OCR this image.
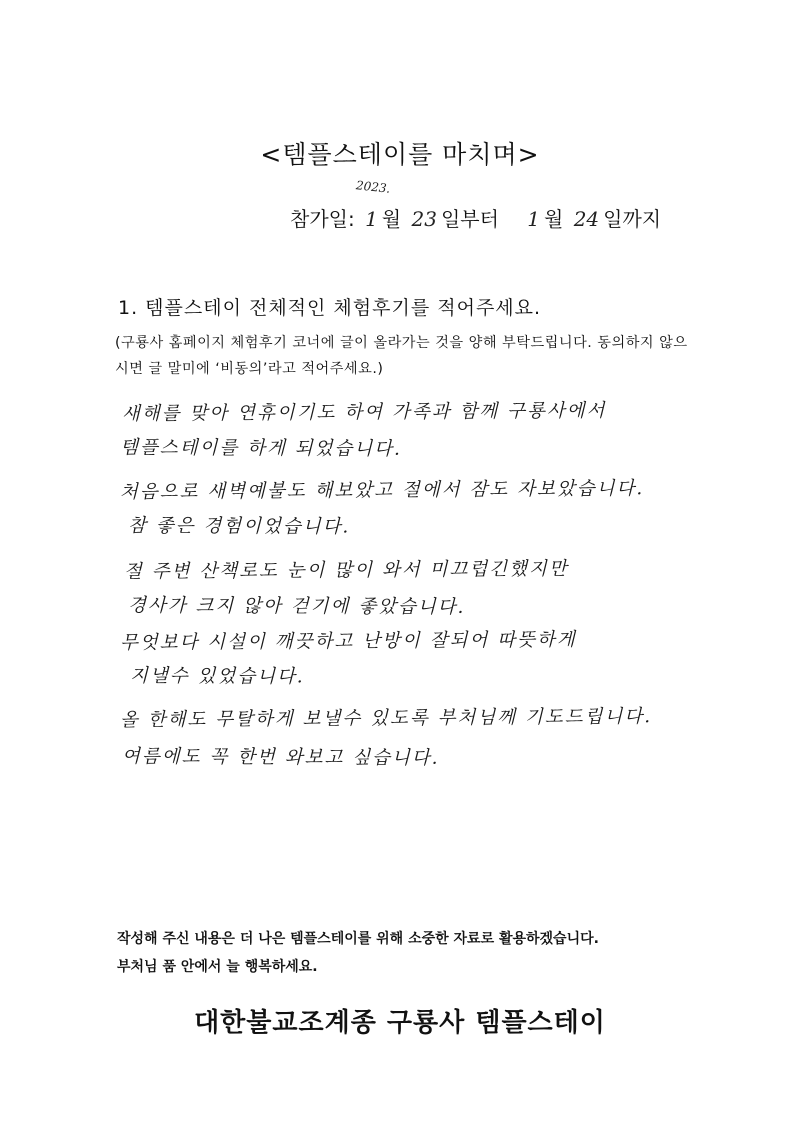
<템플스테이를 마치며>
2023.
참가일: 1 월 23 일부터 1 월 24 일까지
1. 템플스테이 전체적인 체험후기를 적어주세요.
(구룡사 홈페이지 체험후기 코너에 글이 올라가는 것을 양해 부탁드립니다. 동의하지 않으시면 글 말미에 ‘비동의’라고 적어주세요.)
새해를 맞아 연휴이기도 하여 가족과 함께 구룡사에서
템플스테이를 하게 되었습니다.
처음으로 새벽예불도 해보았고 절에서 잠도 자보았습니다.
참 좋은 경험이었습니다.
절 주변 산책로도 눈이 많이 와서 미끄럽긴했지만
경사가 크지 않아 걷기에 좋았습니다.
무엇보다 시설이 깨끗하고 난방이 잘되어 따뜻하게
지낼수 있었습니다.
올 한해도 무탈하게 보낼수 있도록 부처님께 기도드립니다.
여름에도 꼭 한번 와보고 싶습니다.
작성해 주신 내용은 더 나은 템플스테이를 위해 소중한 자료로 활용하겠습니다.
부처님 품 안에서 늘 행복하세요.
대한불교조계종 구룡사 템플스테이
